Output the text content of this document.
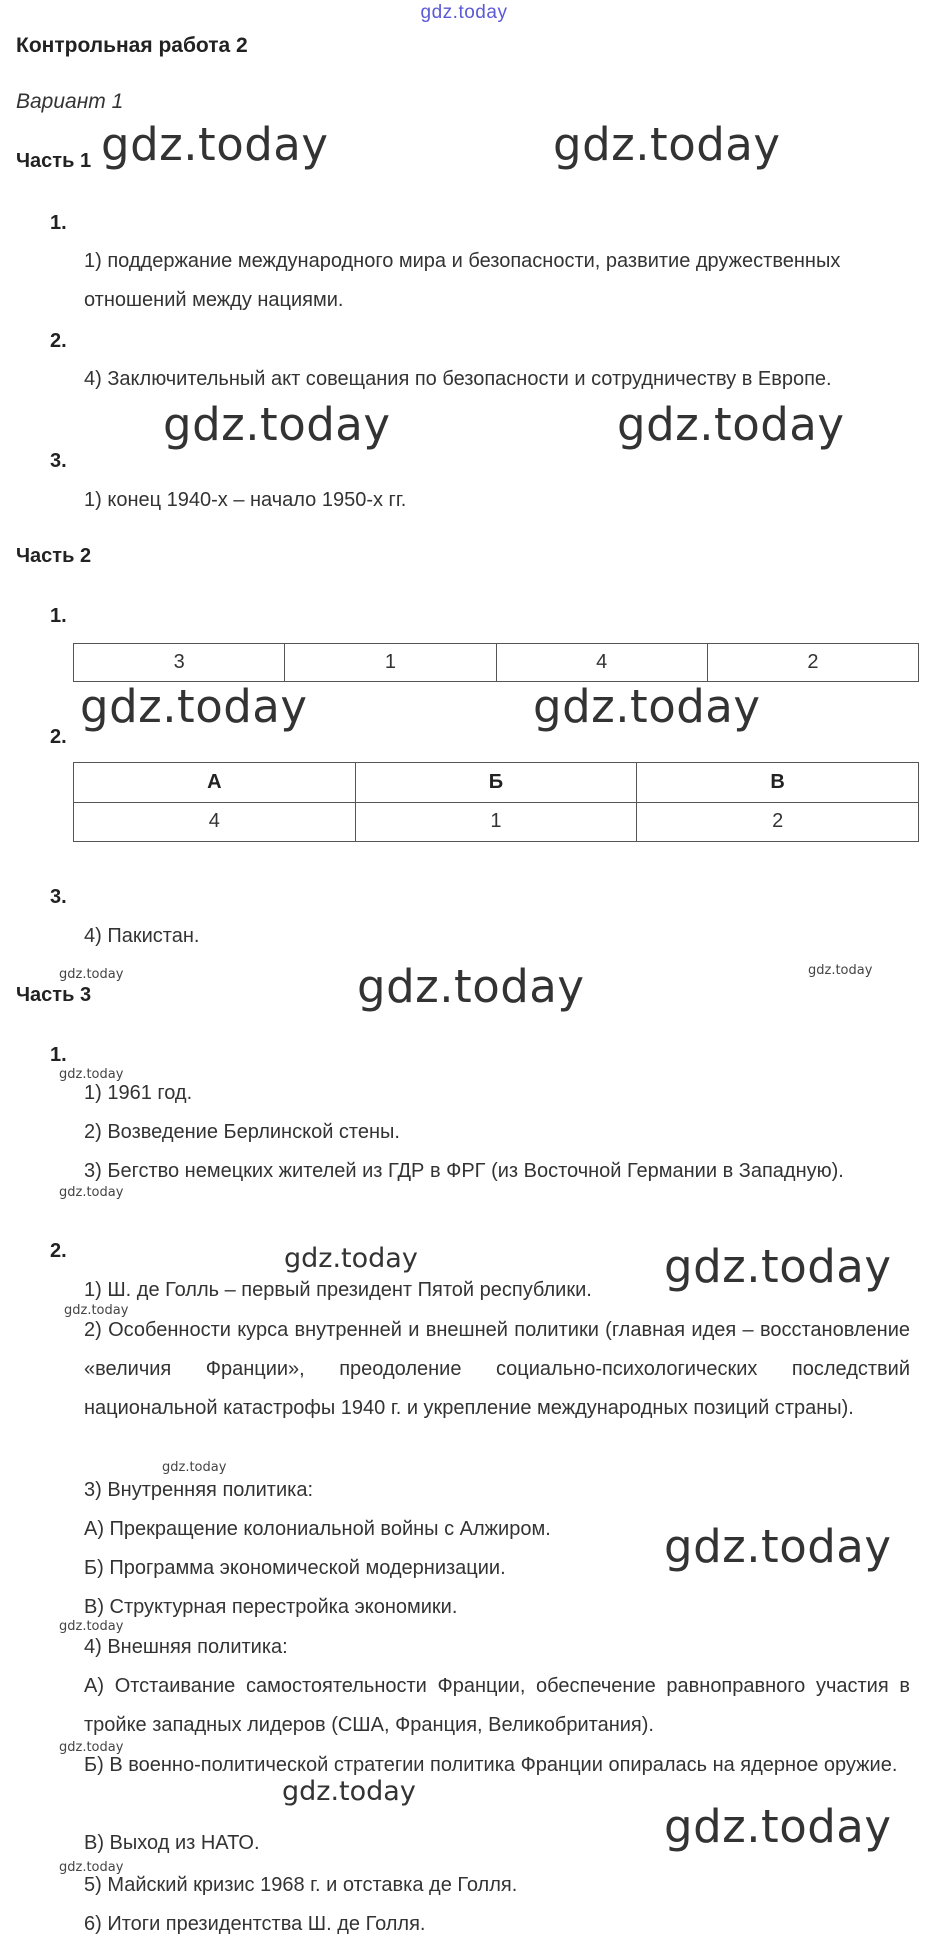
gdz.today
Контрольная работа 2
Вариант 1
Часть 1
1.
1) поддержание международного мира и безопасности, развитие дружественных отношений между нациями.
2.
4) Заключительный акт совещания по безопасности и сотрудничеству в Европе.
3.
1) конец 1940-х – начало 1950-х гг.
Часть 2
1.
3	1	4	2
2.
А	Б	В
4	1	2
3.
4) Пакистан.
Часть 3
1.
1) 1961 год.
2) Возведение Берлинской стены.
3) Бегство немецких жителей из ГДР в ФРГ (из Восточной Германии в Западную).
2.
1) Ш. де Голль – первый президент Пятой республики.
2) Особенности курса внутренней и внешней политики (главная идея – восстановление «величия Франции», преодоление социально-психологических последствий национальной катастрофы 1940 г. и укрепление международных позиций страны).
3) Внутренняя политика:
А) Прекращение колониальной войны с Алжиром.
Б) Программа экономической модернизации.
В) Структурная перестройка экономики.
4) Внешняя политика:
А) Отстаивание самостоятельности Франции, обеспечение равноправного участия в тройке западных лидеров (США, Франция, Великобритания).
Б) В военно-политической стратегии политика Франции опиралась на ядерное оружие.
В) Выход из НАТО.
5) Майский кризис 1968 г. и отставка де Голля.
6) Итоги президентства Ш. де Голля.
gdz.today	gdz.today
gdz.today	gdz.today
gdz.today	gdz.today
gdz.today
gdz.today
gdz.today
gdz.today
gdz.today
gdz.today
gdz.today	gdz.today
gdz.today
gdz.today
gdz.today
gdz.today
gdz.today
gdz.today
gdz.today
